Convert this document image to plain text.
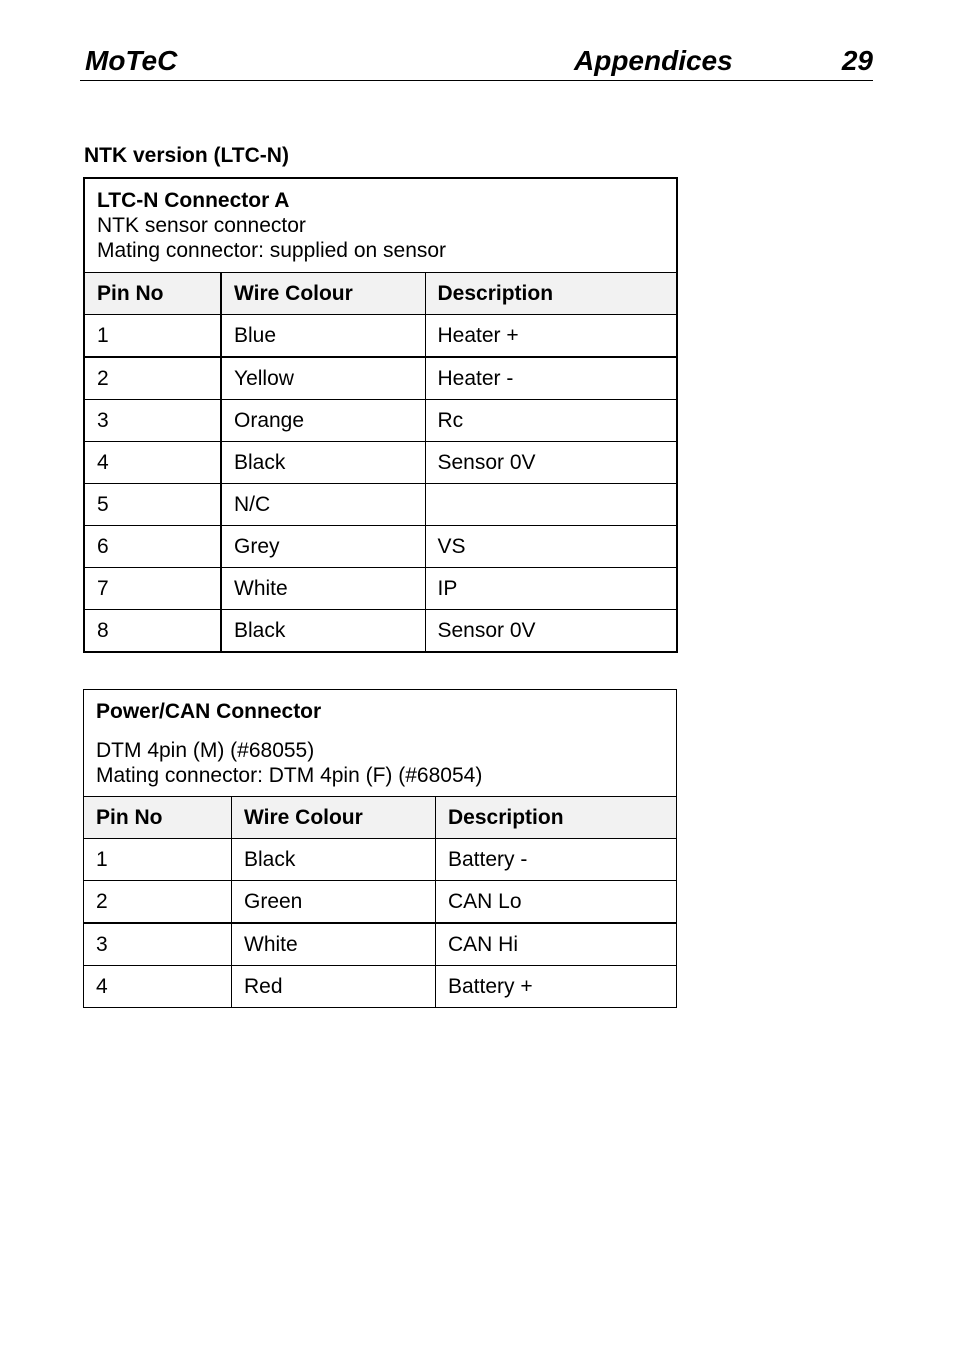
MoTeC	Appendices	29
NTK version (LTC-N)
LTC-N Connector A
NTK sensor connector
Mating connector: supplied on sensor		

Pin No	Wire Colour	Description
1	Blue	Heater +
2	Yellow	Heater -
3	Orange	Rc
4	Black	Sensor 0V
5	N/C	
6	Grey	VS
7	White	IP
8	Black	Sensor 0V
Power/CAN Connector
DTM 4pin (M) (#68055)
Mating connector: DTM 4pin (F) (#68054)		

Pin No	Wire Colour	Description
1	Black	Battery -
2	Green	CAN Lo
3	White	CAN Hi
4	Red	Battery +
